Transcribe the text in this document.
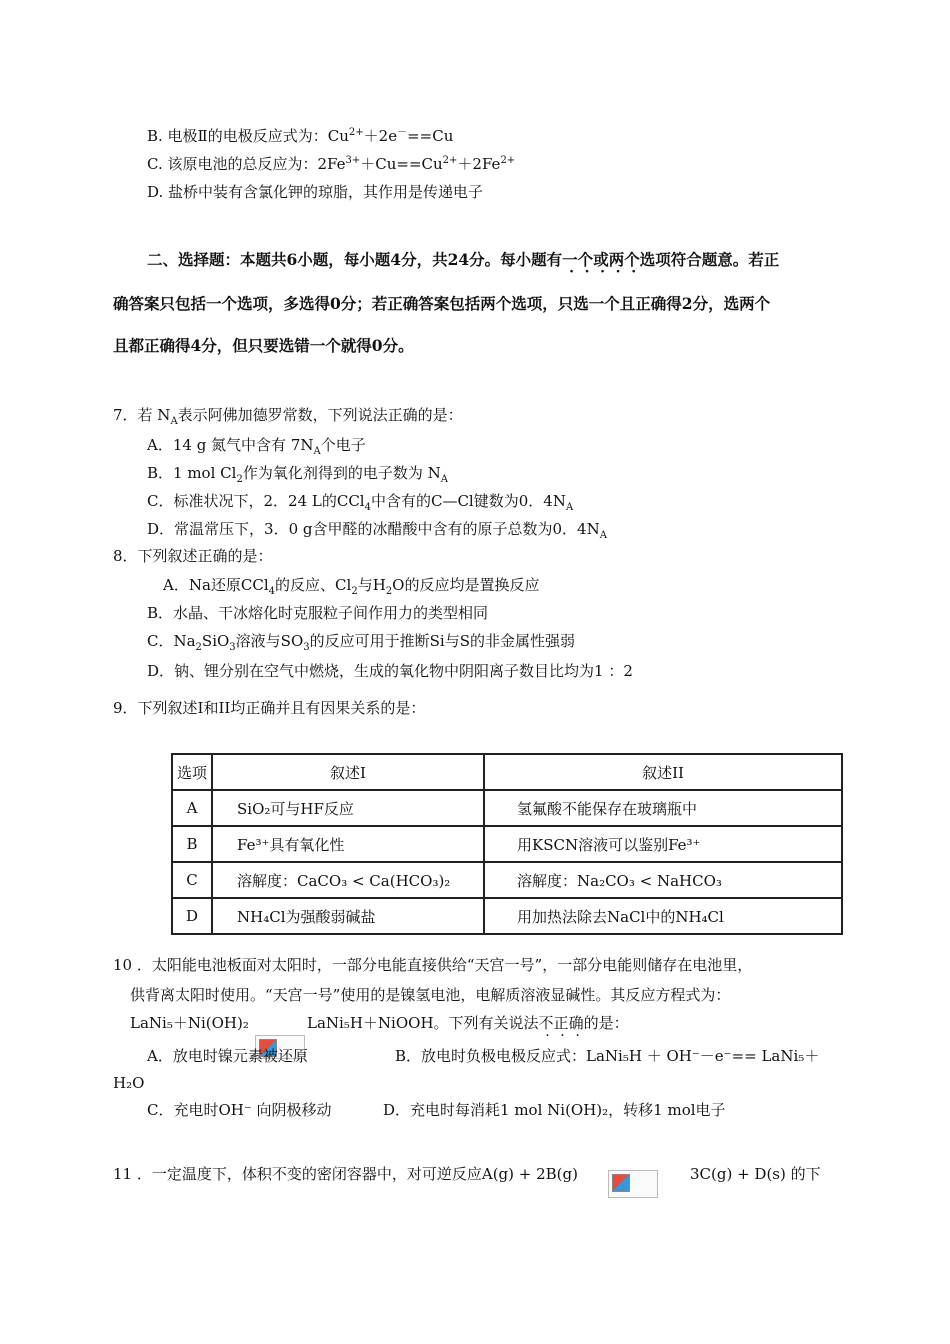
B. 电极Ⅱ的电极反应式为：$Cu^{2+}+2e^-==Cu$
C. 该原电池的总反应为：$2Fe^{3+}+Cu==Cu^{2+}+2Fe^{2+}$
D. 盐桥中装有含氯化钾的琼脂，其作用是传递电子
二、选择题：本题共6小题，每小题4分，共24分。每小题有一个或两个选项符合题意。若正
确答案只包括一个选项，多选得0分；若正确答案包括两个选项，只选一个且正确得2分，选两个
且都正确得4分，但只要选错一个就得0分。
7．若 $N_A$表示阿佛加德罗常数，下列说法正确的是：
A．14 g 氮气中含有 $7N_A$个电子
B．1 mol $Cl_2$作为氧化剂得到的电子数为 $N_A$
C．标准状况下，2．24 L的CCl$_4$中含有的C—Cl键数为0．$4N_A$
D．常温常压下，3．0 g含甲醛的冰醋酸中含有的原子总数为0．$4N_A$
8．下列叙述正确的是：
A．Na还原CCl$_4$的反应、$Cl_2$与$H_2O$的反应均是置换反应
B．水晶、干冰熔化时克服粒子间作用力的类型相同
C．$Na_2SiO_3$溶液与$SO_3$的反应可用于推断Si与S的非金属性强弱
D．钠、锂分别在空气中燃烧，生成的氧化物中阴阳离子数目比均为1 ：2
9．下列叙述Ⅰ和ⅠⅠ均正确并且有因果关系的是：
选项	叙述Ⅰ	叙述ⅠⅠ
A	SiO₂可与HF反应	氢氟酸不能保存在玻璃瓶中
B	Fe³⁺具有氧化性	用KSCN溶液可以鉴别Fe³⁺
C	溶解度：CaCO₃ < Ca(HCO₃)₂	溶解度：Na₂CO₃ < NaHCO₃
D	NH₄Cl为强酸弱碱盐	用加热法除去NaCl中的NH₄Cl
10 ．太阳能电池板面对太阳时，一部分电能直接供给“天宫一号”，一部分电能则储存在电池里，
供背离太阳时使用。“天宫一号”使用的是镍氢电池，电解质溶液显碱性。其反应方程式为：
LaNi₅＋Ni(OH)₂	LaNi₅H＋NiOOH。下列有关说法不正确的是：
A．放电时镍元素被还原	B．放电时负极电极反应式：LaNi₅H ＋ OH⁻－e⁻== LaNi₅＋
H₂O
C．充电时OH⁻ 向阴极移动	D．充电时每消耗1 mol Ni(OH)₂，转移1 mol电子
11 ．一定温度下，体积不变的密闭容器中，对可逆反应A(g) + 2B(g)	3C(g) + D(s) 的下
